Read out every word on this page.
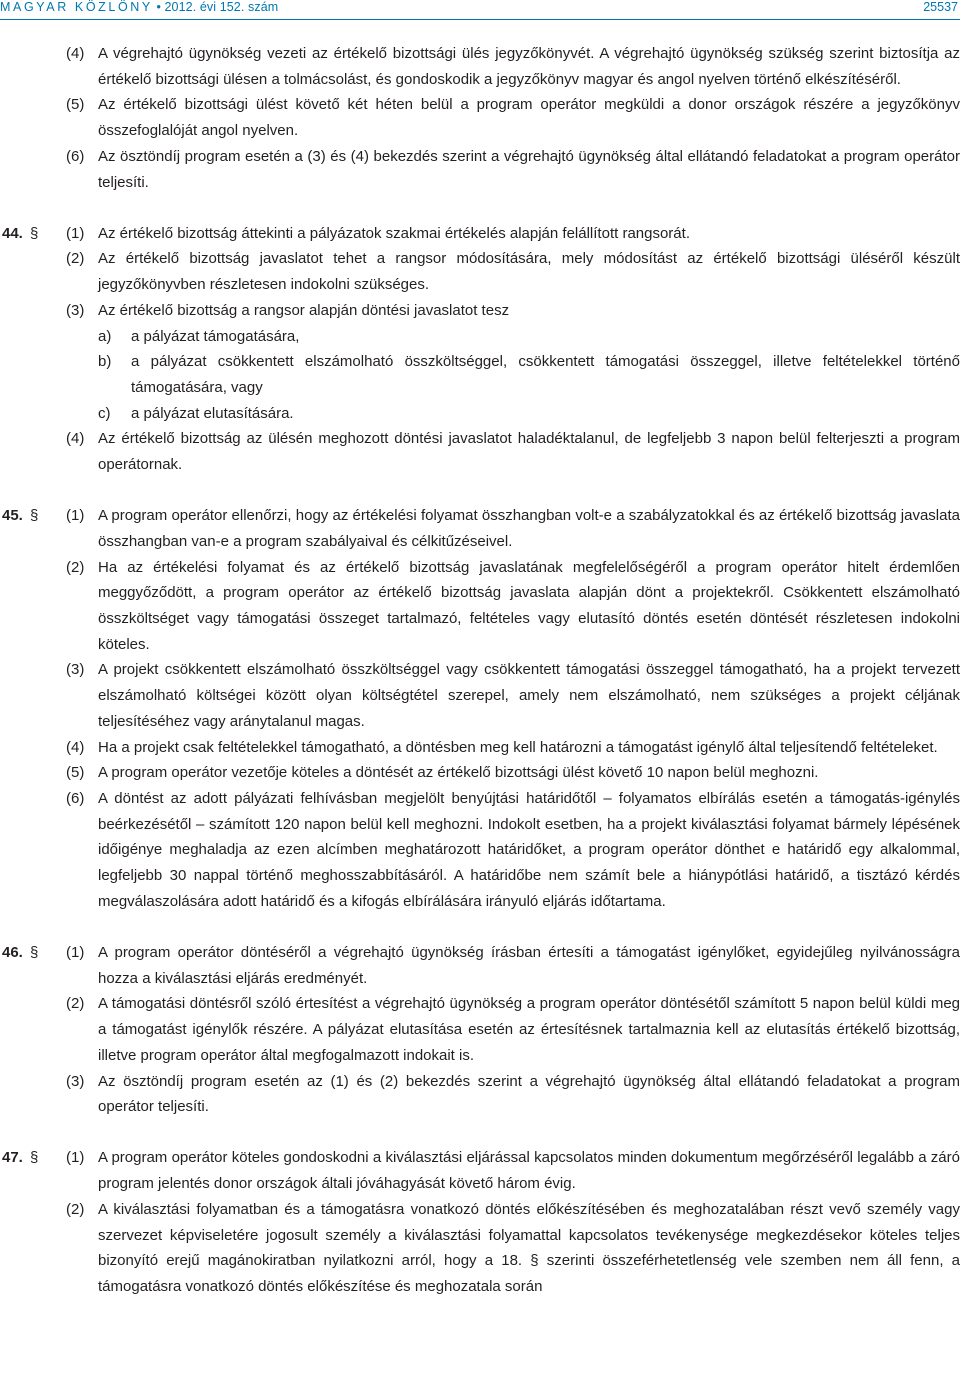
MAGYAR KÖZLÖNY • 2012. évi 152. szám	25537
(4) A végrehajtó ügynökség vezeti az értékelő bizottsági ülés jegyzőkönyvét. A végrehajtó ügynökség szükség szerint biztosítja az értékelő bizottsági ülésen a tolmácsolást, és gondoskodik a jegyzőkönyv magyar és angol nyelven történő elkészítéséről.
(5) Az értékelő bizottsági ülést követő két héten belül a program operátor megküldi a donor országok részére a jegyzőkönyv összefoglalóját angol nyelven.
(6) Az ösztöndíj program esetén a (3) és (4) bekezdés szerint a végrehajtó ügynökség által ellátandó feladatokat a program operátor teljesíti.
44. § (1) Az értékelő bizottság áttekinti a pályázatok szakmai értékelés alapján felállított rangsorát.
(2) Az értékelő bizottság javaslatot tehet a rangsor módosítására, mely módosítást az értékelő bizottsági üléséről készült jegyzőkönyvben részletesen indokolni szükséges.
(3) Az értékelő bizottság a rangsor alapján döntési javaslatot tesz
a) a pályázat támogatására,
b) a pályázat csökkentett elszámolható összköltséggel, csökkentett támogatási összeggel, illetve feltételekkel történő támogatására, vagy
c) a pályázat elutasítására.
(4) Az értékelő bizottság az ülésén meghozott döntési javaslatot haladéktalanul, de legfeljebb 3 napon belül felterjeszti a program operátornak.
45. § (1) A program operátor ellenőrzi, hogy az értékelési folyamat összhangban volt-e a szabályzatokkal és az értékelő bizottság javaslata összhangban van-e a program szabályaival és célkitűzéseivel.
(2) Ha az értékelési folyamat és az értékelő bizottság javaslatának megfelelőségéről a program operátor hitelt érdemlően meggyőződött, a program operátor az értékelő bizottság javaslata alapján dönt a projektekről. Csökkentett elszámolható összköltséget vagy támogatási összeget tartalmazó, feltételes vagy elutasító döntés esetén döntését részletesen indokolni köteles.
(3) A projekt csökkentett elszámolható összköltséggel vagy csökkentett támogatási összeggel támogatható, ha a projekt tervezett elszámolható költségei között olyan költségtétel szerepel, amely nem elszámolható, nem szükséges a projekt céljának teljesítéséhez vagy aránytalanul magas.
(4) Ha a projekt csak feltételekkel támogatható, a döntésben meg kell határozni a támogatást igénylő által teljesítendő feltételeket.
(5) A program operátor vezetője köteles a döntését az értékelő bizottsági ülést követő 10 napon belül meghozni.
(6) A döntést az adott pályázati felhívásban megjelölt benyújtási határidőtől – folyamatos elbírálás esetén a támogatás-igénylés beérkezésétől – számított 120 napon belül kell meghozni. Indokolt esetben, ha a projekt kiválasztási folyamat bármely lépésének időigénye meghaladja az ezen alcímben meghatározott határidőket, a program operátor dönthet e határidő egy alkalommal, legfeljebb 30 nappal történő meghosszabbításáról. A határidőbe nem számít bele a hiánypótlási határidő, a tisztázó kérdés megválaszolására adott határidő és a kifogás elbírálására irányuló eljárás időtartama.
46. § (1) A program operátor döntéséről a végrehajtó ügynökség írásban értesíti a támogatást igénylőket, egyidejűleg nyilvánosságra hozza a kiválasztási eljárás eredményét.
(2) A támogatási döntésről szóló értesítést a végrehajtó ügynökség a program operátor döntésétől számított 5 napon belül küldi meg a támogatást igénylők részére. A pályázat elutasítása esetén az értesítésnek tartalmaznia kell az elutasítás értékelő bizottság, illetve program operátor által megfogalmazott indokait is.
(3) Az ösztöndíj program esetén az (1) és (2) bekezdés szerint a végrehajtó ügynökség által ellátandó feladatokat a program operátor teljesíti.
47. § (1) A program operátor köteles gondoskodni a kiválasztási eljárással kapcsolatos minden dokumentum megőrzéséről legalább a záró program jelentés donor országok általi jóváhagyását követő három évig.
(2) A kiválasztási folyamatban és a támogatásra vonatkozó döntés előkészítésében és meghozatalában részt vevő személy vagy szervezet képviseletére jogosult személy a kiválasztási folyamattal kapcsolatos tevékenysége megkezdésekor köteles teljes bizonyító erejű magánokiratban nyilatkozni arról, hogy a 18. § szerinti összeférhetetlenség vele szemben nem áll fenn, a támogatásra vonatkozó döntés előkészítése és meghozatala során
